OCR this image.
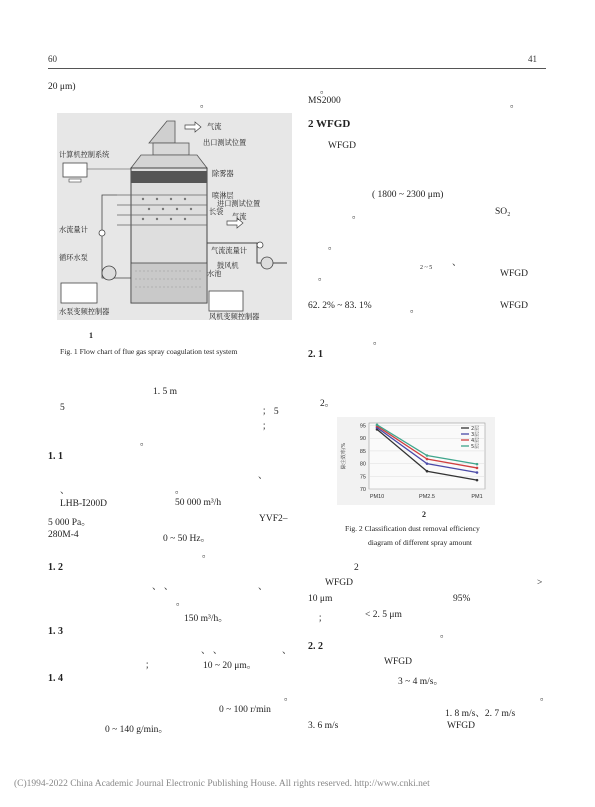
60	41
20 μm)
。
气流
出口测试位置
计算机控制系统
除雾器
喷淋层
长袋
进口测试位置
水流量计
气流
循环水泵
气流流量计
鼓风机
水池
水泵变频控制器
风机变频控制器
1
Fig. 1 Flow chart of flue gas spray coagulation test system
1. 5 m
5	； 5
；
。
1. 1
、
、	。
LHB-Ⅰ200D	50 000 m³/h
5 000 Pa。	YVF2–
280M-4	0 ~ 50 Hz。
。
1. 2
、 、	、
。
150 m³/h。
1. 3
、 、	、
；	10 ~ 20 μm。
1. 4
。
0 ~ 100 r/min
0 ~ 140 g/min。
。
MS2000	。
2 WFGD
WFGD
( 1800 ~ 2300 μm)
。	SO₂
。
、
。
2 ~ 5
WFGD
62. 2% ~ 83. 1%	。	WFGD
。
2. 1
2。
70
75
80
85
90
95
PM10	PM2.5	PM1
除尘效率/%
2层
3层
4层
5层
2
Fig. 2 Classification dust removal efficiency
diagram of different spray amount
2
WFGD	>
10 μm	95%
；	< 2. 5 μm
。
2. 2
WFGD
3 ~ 4 m/s。
。
1. 8 m/s、2. 7 m/s
3. 6 m/s	WFGD
(C)1994-2022 China Academic Journal Electronic Publishing House. All rights reserved. http://www.cnki.net
